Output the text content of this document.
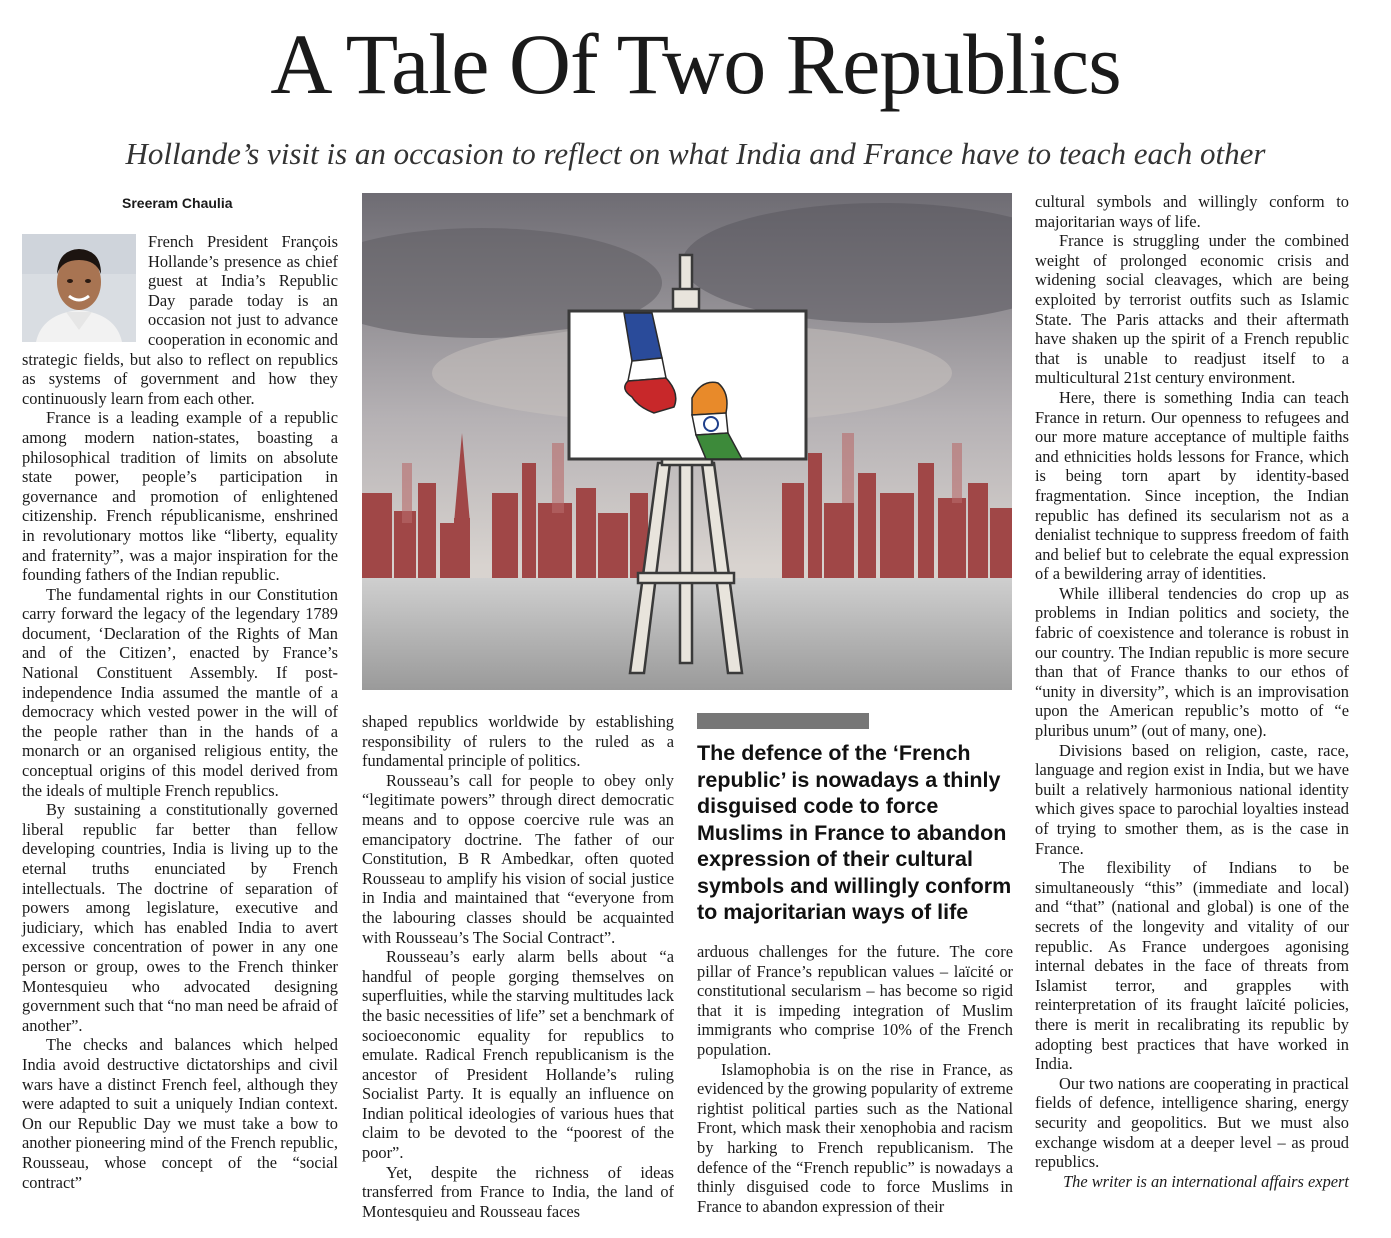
A Tale Of Two Republics

Hollande’s visit is an occasion to reflect on what India and France have to teach each other

Sreeram Chaulia

French President François Hollande’s presence as chief guest at India’s Republic Day parade today is an occasion not just to advance cooperation in economic and strategic fields, but also to reflect on republics as systems of government and how they continuously learn from each other.

France is a leading example of a republic among modern nation-states, boasting a philosophical tradition of limits on absolute state power, people’s participation in governance and promotion of enlightened citizenship. French républicanisme, enshrined in revolutionary mottos like “liberty, equality and fraternity”, was a major inspiration for the founding fathers of the Indian republic.

The fundamental rights in our Constitution carry forward the legacy of the legendary 1789 document, ‘Declaration of the Rights of Man and of the Citizen’, enacted by France’s National Constituent Assembly. If post-independence India assumed the mantle of a democracy which vested power in the will of the people rather than in the hands of a monarch or an organised religious entity, the conceptual origins of this model derived from the ideals of multiple French republics.

By sustaining a constitutionally governed liberal republic far better than fellow developing countries, India is living up to the eternal truths enunciated by French intellectuals. The doctrine of separation of powers among legislature, executive and judiciary, which has enabled India to avert excessive concentration of power in any one person or group, owes to the French thinker Montesquieu who advocated designing government such that “no man need be afraid of another”.

The checks and balances which helped India avoid destructive dictatorships and civil wars have a distinct French feel, although they were adapted to suit a uniquely Indian context. On our Republic Day we must take a bow to another pioneering mind of the French republic, Rousseau, whose concept of the “social contract”

shaped republics worldwide by establishing responsibility of rulers to the ruled as a fundamental principle of politics.

Rousseau’s call for people to obey only “legitimate powers” through direct democratic means and to oppose coercive rule was an emancipatory doctrine. The father of our Constitution, B R Ambedkar, often quoted Rousseau to amplify his vision of social justice in India and maintained that “everyone from the labouring classes should be acquainted with Rousseau’s The Social Contract”.

Rousseau’s early alarm bells about “a handful of people gorging themselves on superfluities, while the starving multitudes lack the basic necessities of life” set a benchmark of socioeconomic equality for republics to emulate. Radical French republicanism is the ancestor of President Hollande’s ruling Socialist Party. It is equally an influence on Indian political ideologies of various hues that claim to be devoted to the “poorest of the poor”.

Yet, despite the richness of ideas transferred from France to India, the land of Montesquieu and Rousseau faces

The defence of the ‘French republic’ is nowadays a thinly disguised code to force Muslims in France to abandon expression of their cultural symbols and willingly conform to majoritarian ways of life

arduous challenges for the future. The core pillar of France’s republican values – laïcité or constitutional secularism – has become so rigid that it is impeding integration of Muslim immigrants who comprise 10% of the French population.

Islamophobia is on the rise in France, as evidenced by the growing popularity of extreme rightist political parties such as the National Front, which mask their xenophobia and racism by harking to French republicanism. The defence of the “French republic” is nowadays a thinly disguised code to force Muslims in France to abandon expression of their

cultural symbols and willingly conform to majoritarian ways of life.

France is struggling under the combined weight of prolonged economic crisis and widening social cleavages, which are being exploited by terrorist outfits such as Islamic State. The Paris attacks and their aftermath have shaken up the spirit of a French republic that is unable to readjust itself to a multicultural 21st century environment.

Here, there is something India can teach France in return. Our openness to refugees and our more mature acceptance of multiple faiths and ethnicities holds lessons for France, which is being torn apart by identity-based fragmentation. Since inception, the Indian republic has defined its secularism not as a denialist technique to suppress freedom of faith and belief but to celebrate the equal expression of a bewildering array of identities.

While illiberal tendencies do crop up as problems in Indian politics and society, the fabric of coexistence and tolerance is robust in our country. The Indian republic is more secure than that of France thanks to our ethos of “unity in diversity”, which is an improvisation upon the American republic’s motto of “e pluribus unum” (out of many, one).

Divisions based on religion, caste, race, language and region exist in India, but we have built a relatively harmonious national identity which gives space to parochial loyalties instead of trying to smother them, as is the case in France.

The flexibility of Indians to be simultaneously “this” (immediate and local) and “that” (national and global) is one of the secrets of the longevity and vitality of our republic. As France undergoes agonising internal debates in the face of threats from Islamist terror, and grapples with reinterpretation of its fraught laïcité policies, there is merit in recalibrating its republic by adopting best practices that have worked in India.

Our two nations are cooperating in practical fields of defence, intelligence sharing, energy security and geopolitics. But we must also exchange wisdom at a deeper level – as proud republics.

The writer is an international affairs expert
